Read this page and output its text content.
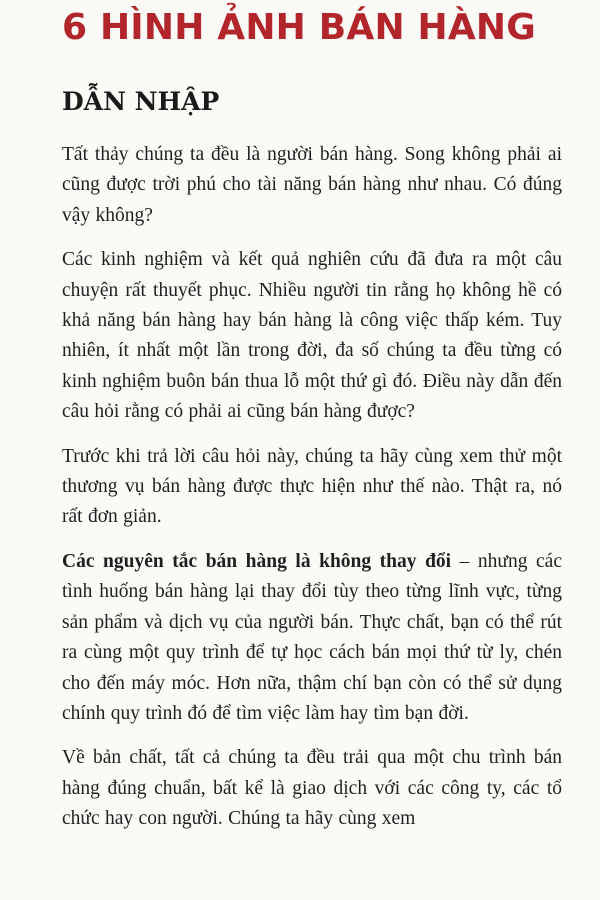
6 HÌNH ẢNH BÁN HÀNG
DẪN NHẬP

Tất thảy chúng ta đều là người bán hàng. Song không phải ai cũng được trời phú cho tài năng bán hàng như nhau. Có đúng vậy không?

Các kinh nghiệm và kết quả nghiên cứu đã đưa ra một câu chuyện rất thuyết phục. Nhiều người tin rằng họ không hề có khả năng bán hàng hay bán hàng là công việc thấp kém. Tuy nhiên, ít nhất một lần trong đời, đa số chúng ta đều từng có kinh nghiệm buôn bán thua lỗ một thứ gì đó. Điều này dẫn đến câu hỏi rằng có phải ai cũng bán hàng được?

Trước khi trả lời câu hỏi này, chúng ta hãy cùng xem thử một thương vụ bán hàng được thực hiện như thế nào. Thật ra, nó rất đơn giản.

Các nguyên tắc bán hàng là không thay đổi – nhưng các tình huống bán hàng lại thay đổi tùy theo từng lĩnh vực, từng sản phẩm và dịch vụ của người bán. Thực chất, bạn có thể rút ra cùng một quy trình để tự học cách bán mọi thứ từ ly, chén cho đến máy móc. Hơn nữa, thậm chí bạn còn có thể sử dụng chính quy trình đó để tìm việc làm hay tìm bạn đời.

Về bản chất, tất cả chúng ta đều trải qua một chu trình bán hàng đúng chuẩn, bất kể là giao dịch với các công ty, các tổ chức hay con người. Chúng ta hãy cùng xem
